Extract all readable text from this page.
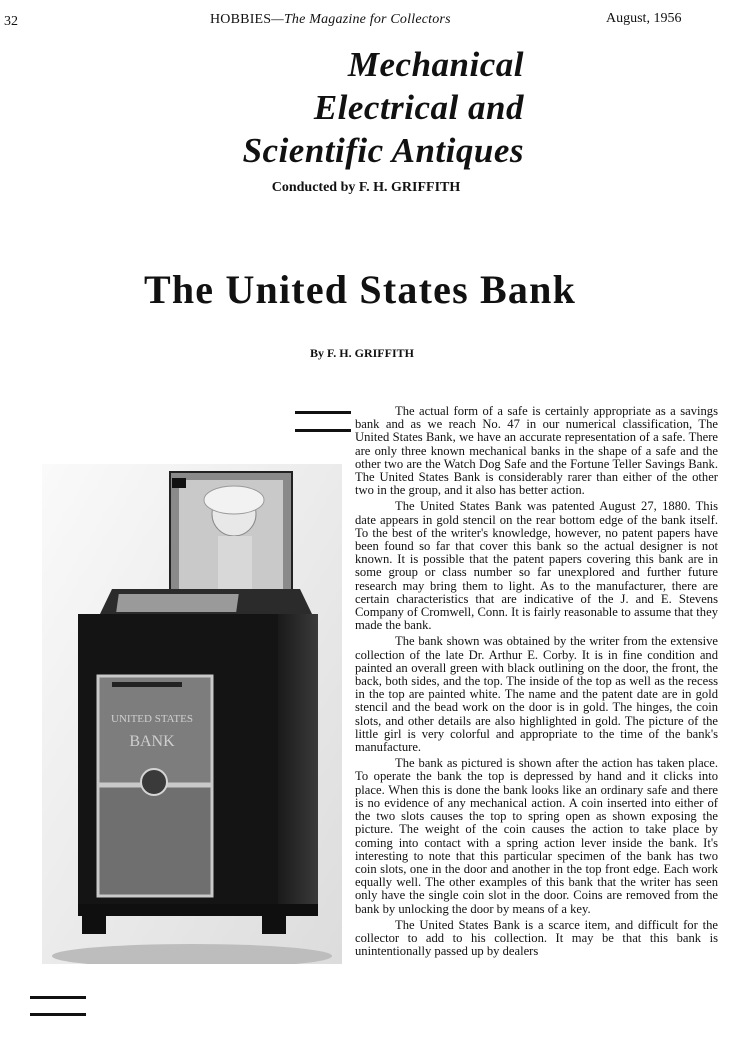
32	HOBBIES—The Magazine for Collectors	August, 1956
Mechanical
Electrical and
Scientific Antiques
Conducted by F. H. GRIFFITH
The United States Bank
By F. H. GRIFFITH
UNITED STATES
BANK

The actual form of a safe is certainly appropriate as a savings bank and as we reach No. 47 in our numerical classification, The United States Bank, we have an accurate representation of a safe. There are only three known mechanical banks in the shape of a safe and the other two are the Watch Dog Safe and the Fortune Teller Savings Bank. The United States Bank is considerably rarer than either of the other two in the group, and it also has better action.

The United States Bank was patented August 27, 1880. This date appears in gold stencil on the rear bottom edge of the bank itself. To the best of the writer's knowledge, however, no patent papers have been found so far that cover this bank so the actual designer is not known. It is possible that the patent papers covering this bank are in some group or class number so far unexplored and further future research may bring them to light. As to the manufacturer, there are certain characteristics that are indicative of the J. and E. Stevens Company of Cromwell, Conn. It is fairly reasonable to assume that they made the bank.

The bank shown was obtained by the writer from the extensive collection of the late Dr. Arthur E. Corby. It is in fine condition and painted an overall green with black outlining on the door, the front, the back, both sides, and the top. The inside of the top as well as the recess in the top are painted white. The name and the patent date are in gold stencil and the bead work on the door is in gold. The hinges, the coin slots, and other details are also highlighted in gold. The picture of the little girl is very colorful and appropriate to the time of the bank's manufacture.

The bank as pictured is shown after the action has taken place. To operate the bank the top is depressed by hand and it clicks into place. When this is done the bank looks like an ordinary safe and there is no evidence of any mechanical action. A coin inserted into either of the two slots causes the top to spring open as shown exposing the picture. The weight of the coin causes the action to take place by coming into contact with a spring action lever inside the bank. It's interesting to note that this particular specimen of the bank has two coin slots, one in the door and another in the top front edge. Each work equally well. The other examples of this bank that the writer has seen only have the single coin slot in the door. Coins are removed from the bank by unlocking the door by means of a key.

The United States Bank is a scarce item, and difficult for the collector to add to his collection. It may be that this bank is unintentionally passed up by dealers
